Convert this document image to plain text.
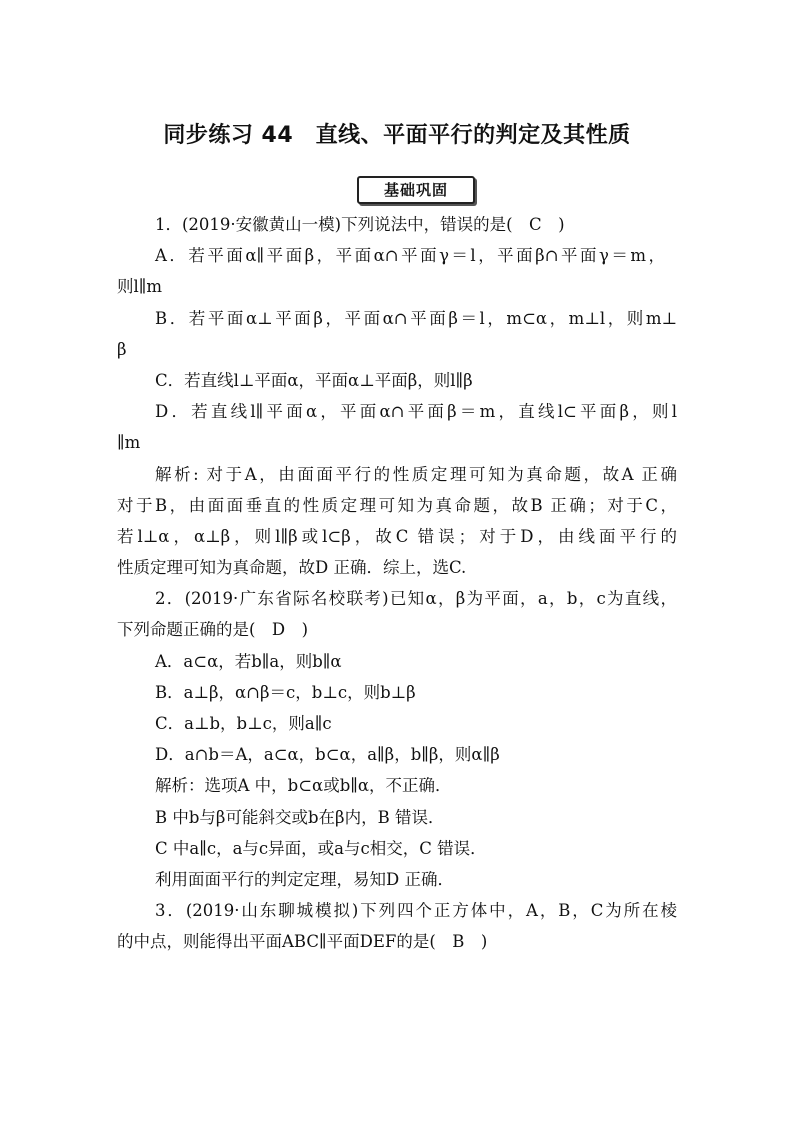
同步练习 44　直线、平面平行的判定及其性质
基础巩固
1．(2019·安徽黄山一模)下列说法中，错误的是(　C　)
A．若平面α∥平面β，平面α∩平面γ＝l，平面β∩平面γ＝m，
则l∥m
B．若平面α⊥平面β，平面α∩平面β＝l，m⊂α，m⊥l，则m⊥
β
C．若直线l⊥平面α，平面α⊥平面β，则l∥β
D．若直线l∥平面α，平面α∩平面β＝m，直线l⊂平面β，则l
∥m
解析: 对于A，由面面平行的性质定理可知为真命题，故A 正确
对于B，由面面垂直的性质定理可知为真命题，故B 正确；对于C，
若l⊥α，α⊥β，则l∥β或l⊂β，故C 错误；对于D，由线面平行的
性质定理可知为真命题，故D 正确．综上，选C.
2．(2019·广东省际名校联考)已知α，β为平面，a，b，c为直线，
下列命题正确的是(　D　)
A．a⊂α，若b∥a，则b∥α
B．a⊥β，α∩β＝c，b⊥c，则b⊥β
C．a⊥b，b⊥c，则a∥c
D．a∩b＝A，a⊂α，b⊂α，a∥β，b∥β，则α∥β
解析：选项A 中，b⊂α或b∥α，不正确．
B 中b与β可能斜交或b在β内，B 错误．
C 中a∥c，a与c异面，或a与c相交，C 错误．
利用面面平行的判定定理，易知D 正确．
3．(2019·山东聊城模拟)下列四个正方体中，A，B，C为所在棱
的中点，则能得出平面ABC∥平面DEF的是(　B　)
